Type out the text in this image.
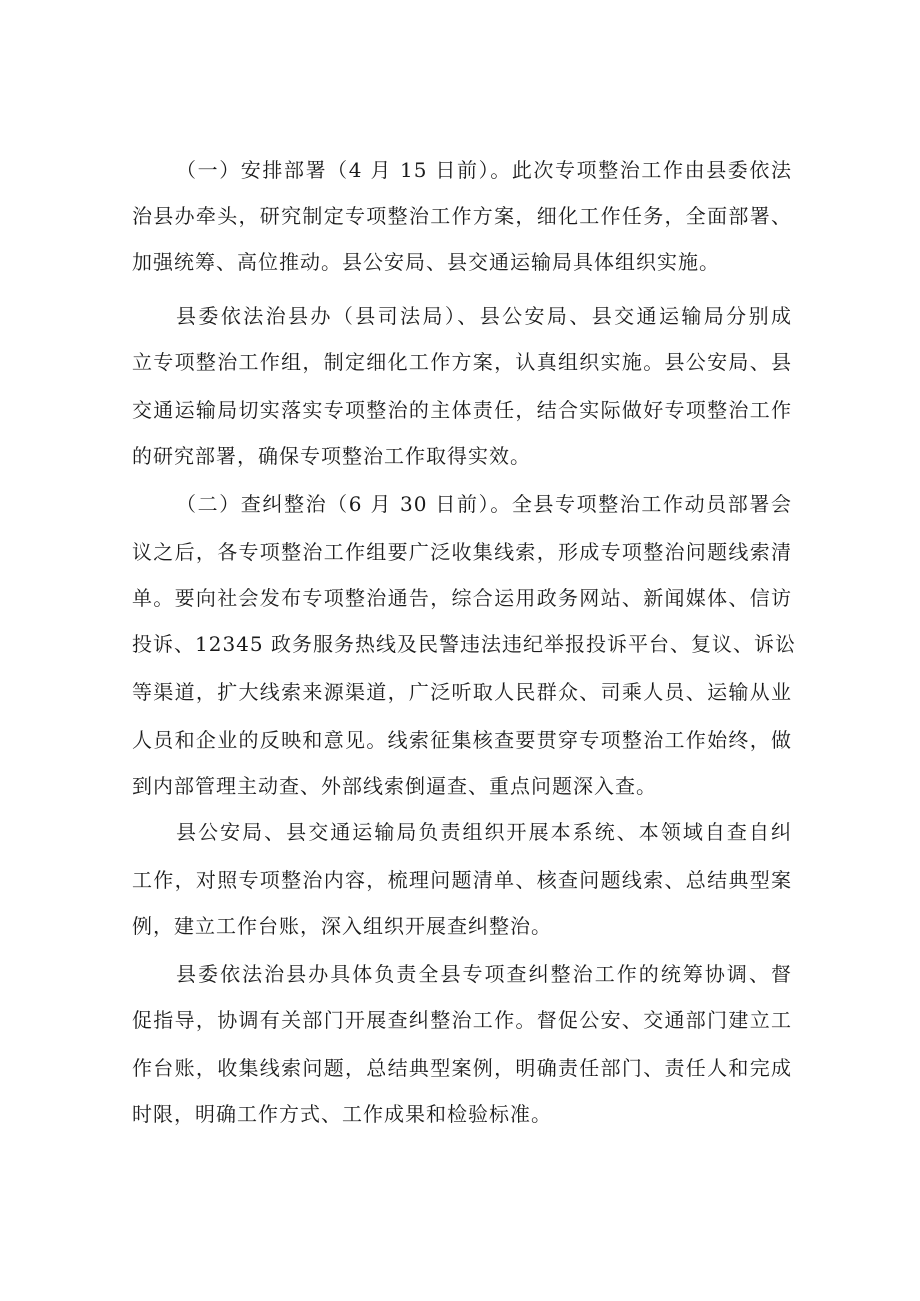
（一）安排部署（4 月 15 日前）。此次专项整治工作由县委依法
治县办牵头，研究制定专项整治工作方案，细化工作任务，全面部署、
加强统筹、高位推动。县公安局、县交通运输局具体组织实施。
县委依法治县办（县司法局）、县公安局、县交通运输局分别成
立专项整治工作组，制定细化工作方案，认真组织实施。县公安局、县
交通运输局切实落实专项整治的主体责任，结合实际做好专项整治工作
的研究部署，确保专项整治工作取得实效。
（二）查纠整治（6 月 30 日前）。全县专项整治工作动员部署会
议之后，各专项整治工作组要广泛收集线索，形成专项整治问题线索清
单。要向社会发布专项整治通告，综合运用政务网站、新闻媒体、信访
投诉、12345 政务服务热线及民警违法违纪举报投诉平台、复议、诉讼
等渠道，扩大线索来源渠道，广泛听取人民群众、司乘人员、运输从业
人员和企业的反映和意见。线索征集核查要贯穿专项整治工作始终，做
到内部管理主动查、外部线索倒逼查、重点问题深入查。
县公安局、县交通运输局负责组织开展本系统、本领域自查自纠
工作，对照专项整治内容，梳理问题清单、核查问题线索、总结典型案
例，建立工作台账，深入组织开展查纠整治。
县委依法治县办具体负责全县专项查纠整治工作的统筹协调、督
促指导，协调有关部门开展查纠整治工作。督促公安、交通部门建立工
作台账，收集线索问题，总结典型案例，明确责任部门、责任人和完成
时限，明确工作方式、工作成果和检验标准。
